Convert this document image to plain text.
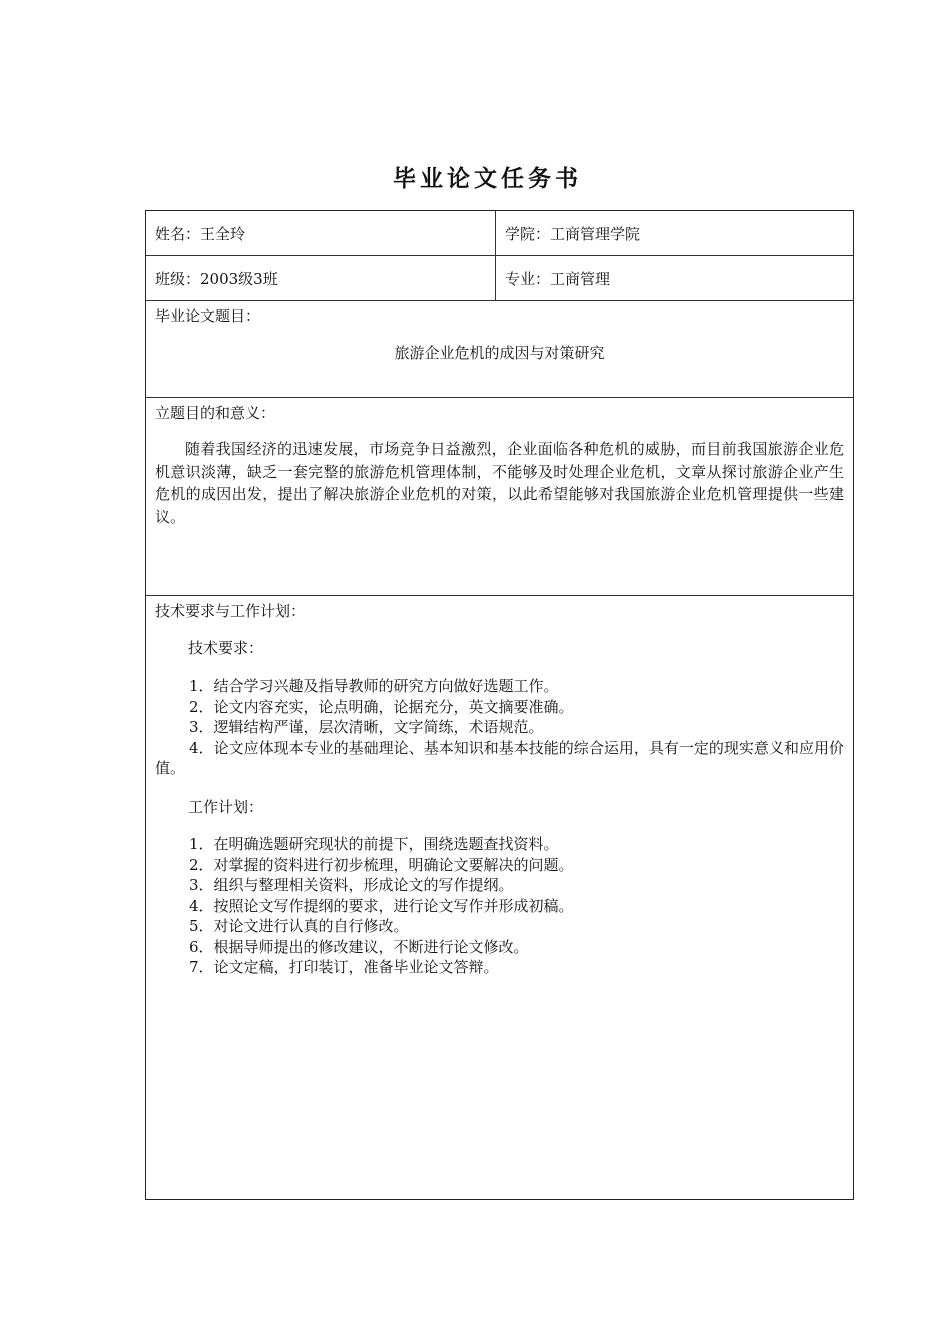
毕业论文任务书
姓名：王全玲	学院：工商管理学院
班级：2003级3班	专业：工商管理
毕业论文题目：
旅游企业危机的成因与对策研究
立题目的和意义：
随着我国经济的迅速发展，市场竞争日益激烈，企业面临各种危机的威胁，而目前我国旅游企业危机意识淡薄，缺乏一套完整的旅游危机管理体制，不能够及时处理企业危机，文章从探讨旅游企业产生危机的成因出发，提出了解决旅游企业危机的对策，以此希望能够对我国旅游企业危机管理提供一些建议。
技术要求与工作计划：
技术要求：
1．结合学习兴趣及指导教师的研究方向做好选题工作。
2．论文内容充实，论点明确，论据充分，英文摘要准确。
3．逻辑结构严谨，层次清晰，文字简练，术语规范。
4．论文应体现本专业的基础理论、基本知识和基本技能的综合运用，具有一定的现实意义和应用价值。
工作计划：
1．在明确选题研究现状的前提下，围绕选题查找资料。
2．对掌握的资料进行初步梳理，明确论文要解决的问题。
3．组织与整理相关资料，形成论文的写作提纲。
4．按照论文写作提纲的要求，进行论文写作并形成初稿。
5．对论文进行认真的自行修改。
6．根据导师提出的修改建议，不断进行论文修改。
7．论文定稿，打印装订，准备毕业论文答辩。
